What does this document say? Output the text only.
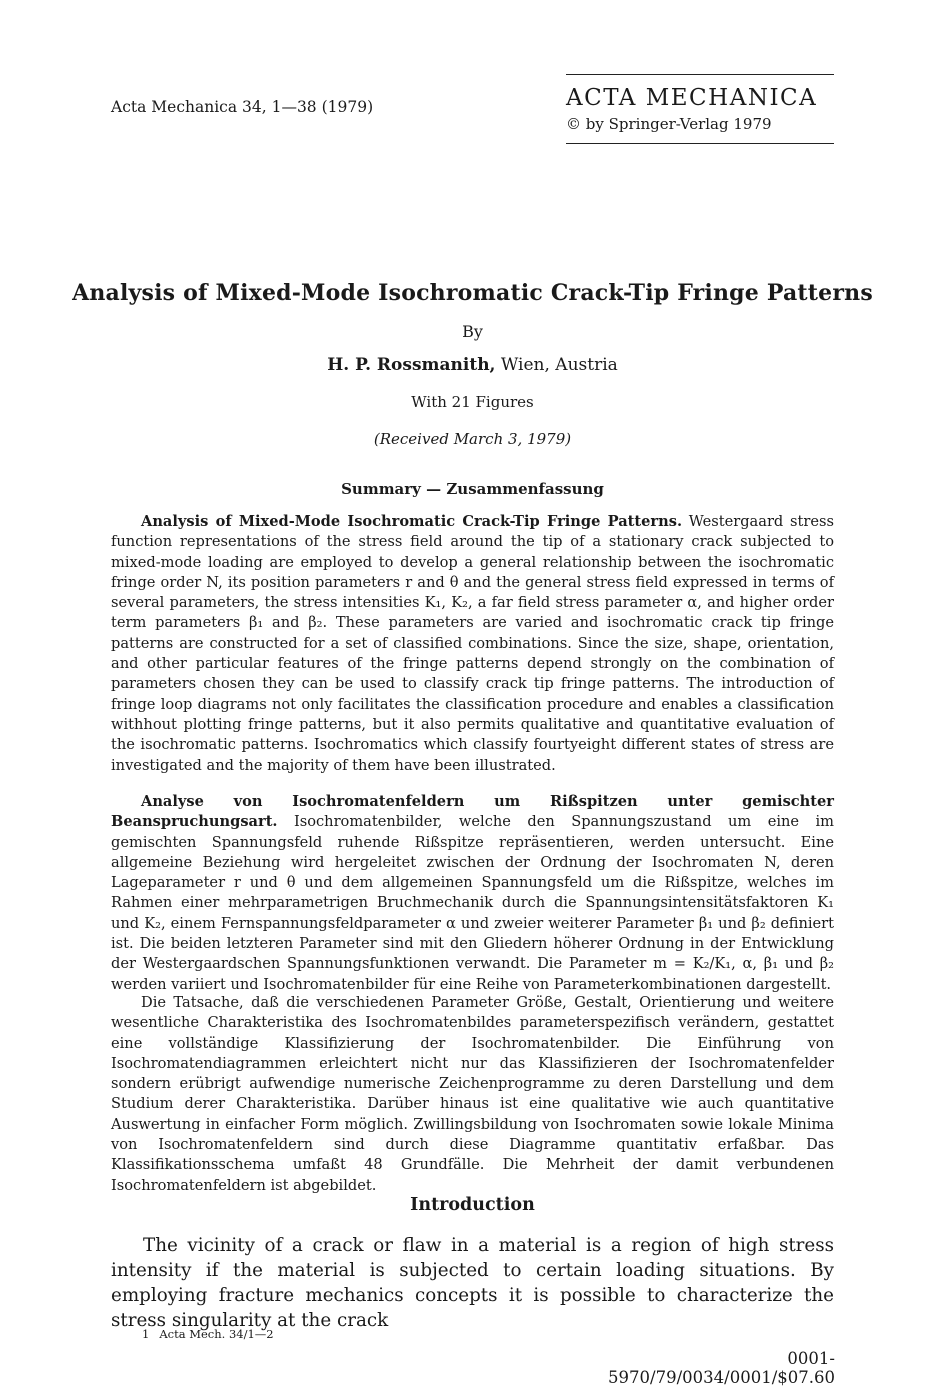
Acta Mechanica 34, 1—38 (1979)	ACTA MECHANICA
© by Springer-Verlag 1979
Analysis of Mixed-Mode Isochromatic Crack-Tip Fringe Patterns
By
H. P. Rossmanith, Wien, Austria
With 21 Figures
(Received March 3, 1979)
Summary — Zusammenfassung
Analysis of Mixed-Mode Isochromatic Crack-Tip Fringe Patterns. Westergaard stress function representations of the stress field around the tip of a stationary crack subjected to mixed-mode loading are employed to develop a general relationship between the isochromatic fringe order N, its position parameters r and θ and the general stress field expressed in terms of several parameters, the stress intensities K₁, K₂, a far field stress parameter α, and higher order term parameters β₁ and β₂. These parameters are varied and isochromatic crack tip fringe patterns are constructed for a set of classified combinations. Since the size, shape, orientation, and other particular features of the fringe patterns depend strongly on the combination of parameters chosen they can be used to classify crack tip fringe patterns. The introduction of fringe loop diagrams not only facilitates the classification procedure and enables a classification withhout plotting fringe patterns, but it also permits qualitative and quantitative evaluation of the isochromatic patterns. Isochromatics which classify fourtyeight different states of stress are investigated and the majority of them have been illustrated.
Analyse von Isochromatenfeldern um Rißspitzen unter gemischter Beanspruchungsart. Isochromatenbilder, welche den Spannungszustand um eine im gemischten Spannungsfeld ruhende Rißspitze repräsentieren, werden untersucht. Eine allgemeine Beziehung wird hergeleitet zwischen der Ordnung der Isochromaten N, deren Lageparameter r und θ und dem allgemeinen Spannungsfeld um die Rißspitze, welches im Rahmen einer mehrparametrigen Bruchmechanik durch die Spannungsintensitätsfaktoren K₁ und K₂, einem Fernspannungsfeldparameter α und zweier weiterer Parameter β₁ und β₂ definiert ist. Die beiden letzteren Parameter sind mit den Gliedern höherer Ordnung in der Entwicklung der Westergaardschen Spannungsfunktionen verwandt. Die Parameter m = K₂/K₁, α, β₁ und β₂ werden variiert und Isochromatenbilder für eine Reihe von Parameterkombinationen dargestellt.
Die Tatsache, daß die verschiedenen Parameter Größe, Gestalt, Orientierung und weitere wesentliche Charakteristika des Isochromatenbildes parameterspezifisch verändern, gestattet eine vollständige Klassifizierung der Isochromatenbilder. Die Einführung von Isochromatendiagrammen erleichtert nicht nur das Klassifizieren der Isochromatenfelder sondern erübrigt aufwendige numerische Zeichenprogramme zu deren Darstellung und dem Studium derer Charakteristika. Darüber hinaus ist eine qualitative wie auch quantitative Auswertung in einfacher Form möglich. Zwillingsbildung von Isochromaten sowie lokale Minima von Isochromatenfeldern sind durch diese Diagramme quantitativ erfaßbar. Das Klassifikationsschema umfaßt 48 Grundfälle. Die Mehrheit der damit verbundenen Isochromatenfeldern ist abgebildet.
Introduction
The vicinity of a crack or flaw in a material is a region of high stress intensity if the material is subjected to certain loading situations. By employing fracture mechanics concepts it is possible to characterize the stress singularity at the crack
1 Acta Mech. 34/1—2
0001-5970/79/0034/0001/$07.60
